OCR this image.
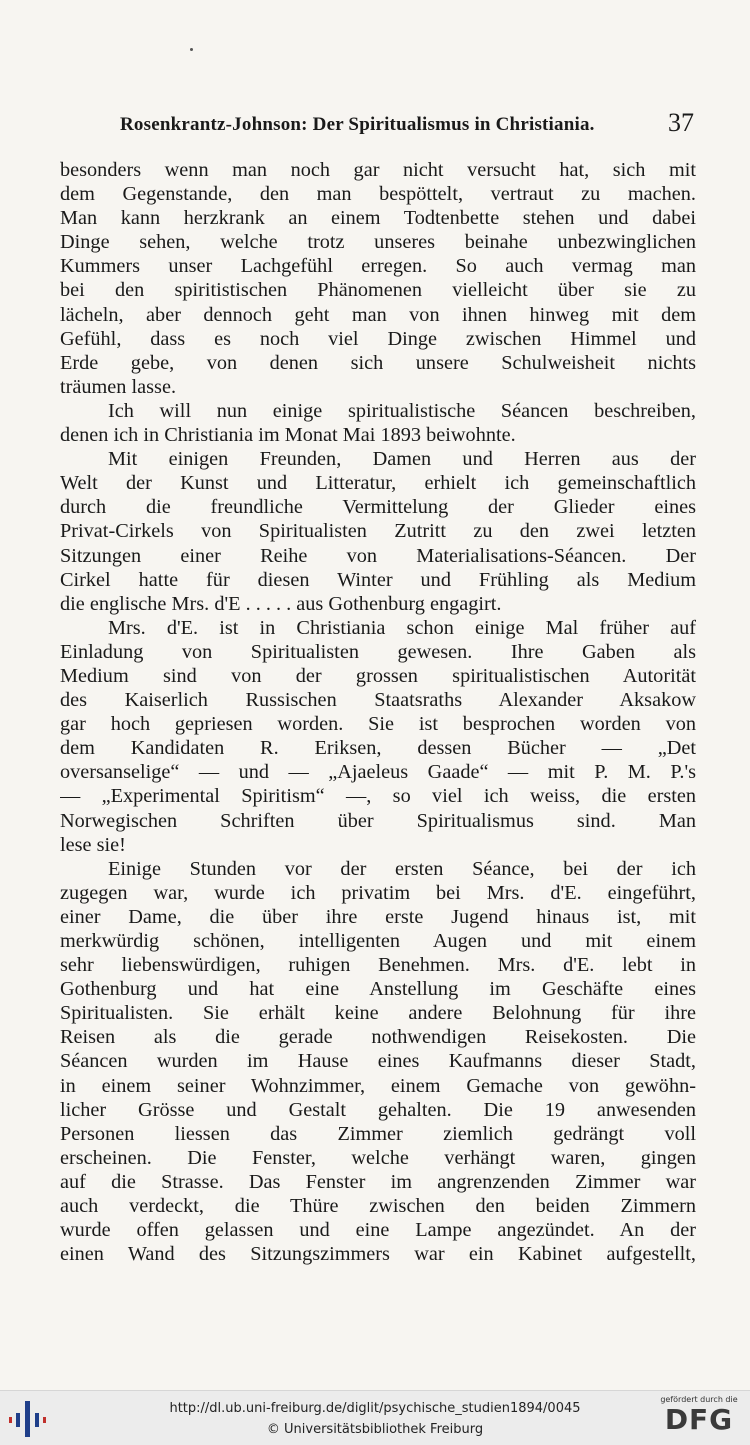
Rosenkrantz-Johnson: Der Spiritualismus in Christiania.	37
besonders wenn man noch gar nicht versucht hat, sich mit
dem Gegenstande, den man bespöttelt, vertraut zu machen.
Man kann herzkrank an einem Todtenbette stehen und dabei
Dinge sehen, welche trotz unseres beinahe unbezwinglichen
Kummers unser Lachgefühl erregen. So auch vermag man
bei den spiritistischen Phänomenen vielleicht über sie zu
lächeln, aber dennoch geht man von ihnen hinweg mit dem
Gefühl, dass es noch viel Dinge zwischen Himmel und
Erde gebe, von denen sich unsere Schulweisheit nichts
träumen lasse.
Ich will nun einige spiritualistische Séancen beschreiben,
denen ich in Christiania im Monat Mai 1893 beiwohnte.
Mit einigen Freunden, Damen und Herren aus der
Welt der Kunst und Litteratur, erhielt ich gemeinschaftlich
durch die freundliche Vermittelung der Glieder eines
Privat-Cirkels von Spiritualisten Zutritt zu den zwei letzten
Sitzungen einer Reihe von Materialisations-Séancen. Der
Cirkel hatte für diesen Winter und Frühling als Medium
die englische Mrs. d'E . . . . . aus Gothenburg engagirt.
Mrs. d'E. ist in Christiania schon einige Mal früher auf
Einladung von Spiritualisten gewesen. Ihre Gaben als
Medium sind von der grossen spiritualistischen Autorität
des Kaiserlich Russischen Staatsraths Alexander Aksakow
gar hoch gepriesen worden. Sie ist besprochen worden von
dem Kandidaten R. Eriksen, dessen Bücher — „Det
oversanselige“ — und — „Ajaeleus Gaade“ — mit P. M. P.'s
— „Experimental Spiritism“ —, so viel ich weiss, die ersten
Norwegischen Schriften über Spiritualismus sind. Man
lese sie!
Einige Stunden vor der ersten Séance, bei der ich
zugegen war, wurde ich privatim bei Mrs. d'E. eingeführt,
einer Dame, die über ihre erste Jugend hinaus ist, mit
merkwürdig schönen, intelligenten Augen und mit einem
sehr liebenswürdigen, ruhigen Benehmen. Mrs. d'E. lebt in
Gothenburg und hat eine Anstellung im Geschäfte eines
Spiritualisten. Sie erhält keine andere Belohnung für ihre
Reisen als die gerade nothwendigen Reisekosten. Die
Séancen wurden im Hause eines Kaufmanns dieser Stadt,
in einem seiner Wohnzimmer, einem Gemache von gewöhn-
licher Grösse und Gestalt gehalten. Die 19 anwesenden
Personen liessen das Zimmer ziemlich gedrängt voll
erscheinen. Die Fenster, welche verhängt waren, gingen
auf die Strasse. Das Fenster im angrenzenden Zimmer war
auch verdeckt, die Thüre zwischen den beiden Zimmern
wurde offen gelassen und eine Lampe angezündet. An der
einen Wand des Sitzungszimmers war ein Kabinet aufgestellt,
http://dl.ub.uni-freiburg.de/diglit/psychische_studien1894/0045
© Universitätsbibliothek Freiburg
gefördert durch die
DFG
